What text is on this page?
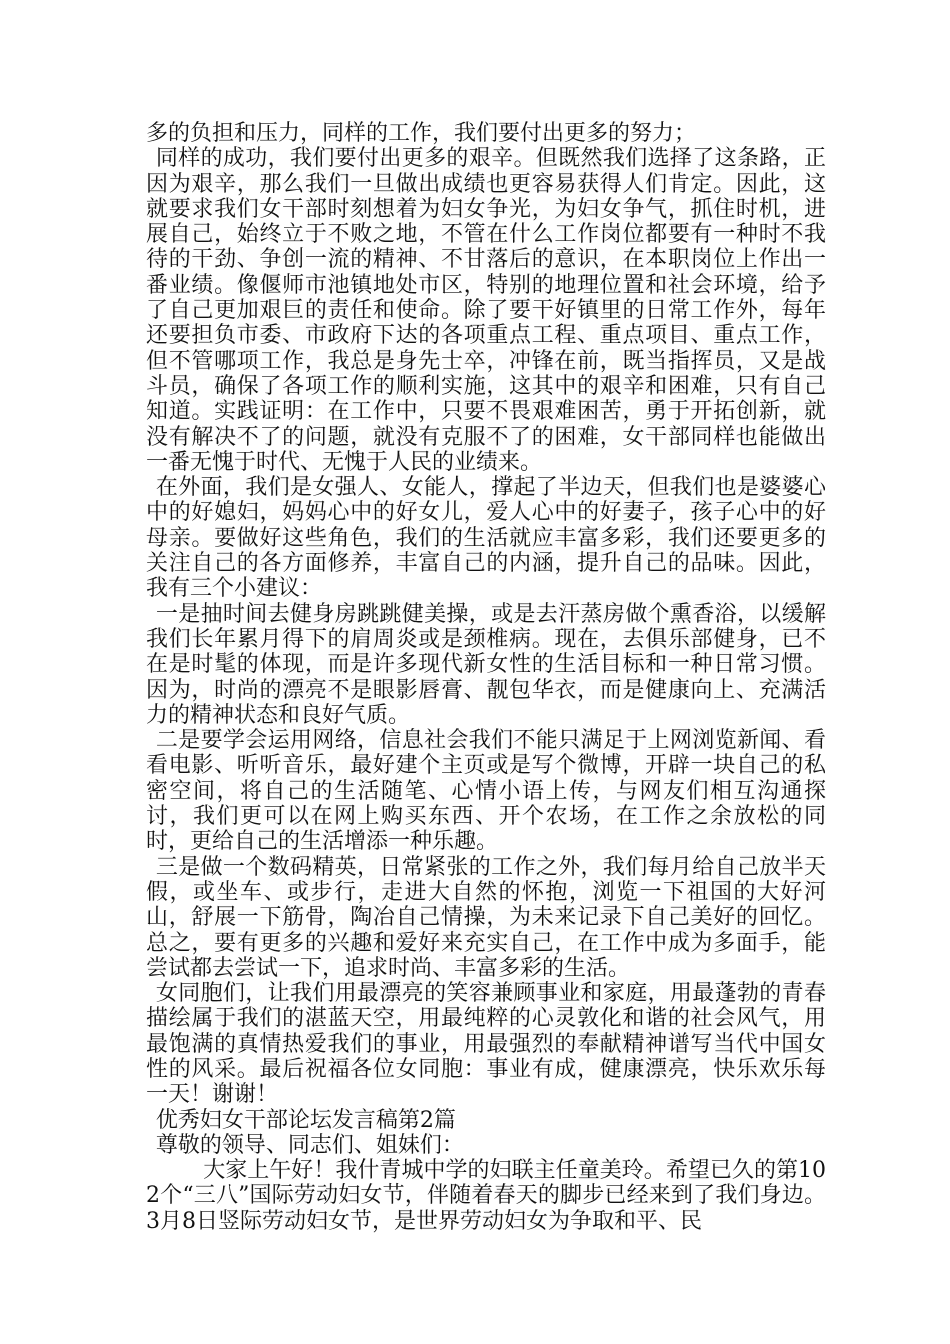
多的负担和压力，同样的工作，我们要付出更多的努力；

同样的成功，我们要付出更多的艰辛。但既然我们选择了这条路，正因为艰辛，那么我们一旦做出成绩也更容易获得人们肯定。因此，这就要求我们女干部时刻想着为妇女争光，为妇女争气，抓住时机，进展自己，始终立于不败之地，不管在什么工作岗位都要有一种时不我待的干劲、争创一流的精神、不甘落后的意识，在本职岗位上作出一番业绩。像偃师市池镇地处市区，特别的地理位置和社会环境，给予了自己更加艰巨的责任和使命。除了要干好镇里的日常工作外，每年还要担负市委、市政府下达的各项重点工程、重点项目、重点工作，但不管哪项工作，我总是身先士卒，冲锋在前，既当指挥员，又是战斗员，确保了各项工作的顺利实施，这其中的艰辛和困难，只有自己知道。实践证明：在工作中，只要不畏艰难困苦，勇于开拓创新，就没有解决不了的问题，就没有克服不了的困难，女干部同样也能做出一番无愧于时代、无愧于人民的业绩来。

在外面，我们是女强人、女能人，撑起了半边天，但我们也是婆婆心中的好媳妇，妈妈心中的好女儿，爱人心中的好妻子，孩子心中的好母亲。要做好这些角色，我们的生活就应丰富多彩，我们还要更多的关注自己的各方面修养，丰富自己的内涵，提升自己的品味。因此，我有三个小建议：

一是抽时间去健身房跳跳健美操，或是去汗蒸房做个熏香浴，以缓解我们长年累月得下的肩周炎或是颈椎病。现在，去俱乐部健身，已不在是时髦的体现，而是许多现代新女性的生活目标和一种日常习惯。因为，时尚的漂亮不是眼影唇膏、靓包华衣，而是健康向上、充满活力的精神状态和良好气质。

二是要学会运用网络，信息社会我们不能只满足于上网浏览新闻、看看电影、听听音乐，最好建个主页或是写个微博，开辟一块自己的私密空间，将自己的生活随笔、心情小语上传，与网友们相互沟通探讨，我们更可以在网上购买东西、开个农场，在工作之余放松的同时，更给自己的生活增添一种乐趣。

三是做一个数码精英，日常紧张的工作之外，我们每月给自己放半天假，或坐车、或步行，走进大自然的怀抱，浏览一下祖国的大好河山，舒展一下筋骨，陶冶自己情操，为未来记录下自己美好的回忆。总之，要有更多的兴趣和爱好来充实自己，在工作中成为多面手，能尝试都去尝试一下，追求时尚、丰富多彩的生活。

女同胞们，让我们用最漂亮的笑容兼顾事业和家庭，用最蓬勃的青春描绘属于我们的湛蓝天空，用最纯粹的心灵敦化和谐的社会风气，用最饱满的真情热爱我们的事业，用最强烈的奉献精神谱写当代中国女性的风采。最后祝福各位女同胞：事业有成，健康漂亮，快乐欢乐每一天！谢谢！

优秀妇女干部论坛发言稿第2篇

尊敬的领导、同志们、姐妹们：

大家上午好！我什青城中学的妇联主任童美玲。希望已久的第102个“三八”国际劳动妇女节，伴随着春天的脚步已经来到了我们身边。3月8日竖际劳动妇女节，是世界劳动妇女为争取和平、民
